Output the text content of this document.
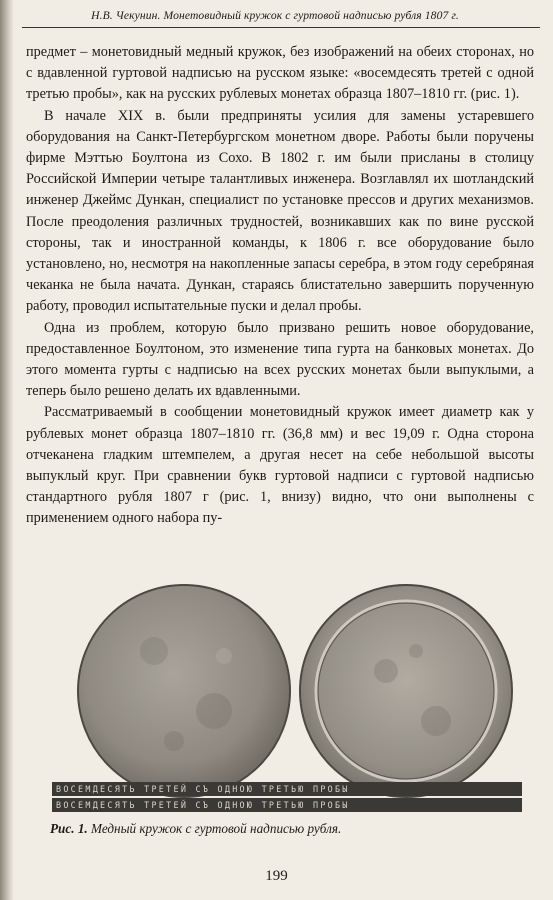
Н.В. Чекунин. Монетовидный кружок с гуртовой надписью рубля 1807 г.

предмет – монетовидный медный кружок, без изображений на обеих сторонах, но с вдавленной гуртовой надписью на русском языке: «восемдесять третей с одной третью пробы», как на русских рублевых монетах образца 1807–1810 гг. (рис. 1).

В начале XIX в. были предприняты усилия для замены устаревшего оборудования на Санкт-Петербургском монетном дворе. Работы были поручены фирме Мэттью Боултона из Сохо. В 1802 г. им были присланы в столицу Российской Империи четыре талантливых инженера. Возглавлял их шотландский инженер Джеймс Дункан, специалист по установке прессов и других механизмов. После преодоления различных трудностей, возникавших как по вине русской стороны, так и иностранной команды, к 1806 г. все оборудование было установлено, но, несмотря на накопленные запасы серебра, в этом году серебряная чеканка не была начата. Дункан, стараясь блистательно завершить порученную работу, проводил испытательные пуски и делал пробы.

Одна из проблем, которую было призвано решить новое оборудование, предоставленное Боултоном, это изменение типа гурта на банковых монетах. До этого момента гурты с надписью на всех русских монетах были выпуклыми, а теперь было решено делать их вдавленными.

Рассматриваемый в сообщении монетовидный кружок имеет диаметр как у рублевых монет образца 1807–1810 гг. (36,8 мм) и вес 19,09 г. Одна сторона отчеканена гладким штемпелем, а другая несет на себе небольшой высоты выпуклый круг. При сравнении букв гуртовой надписи с гуртовой надписью стандартного рубля 1807 г (рис. 1, внизу) видно, что они выполнены с применением одного набора пу-

ВОСЕМДЕСЯТЬ ТРЕТЕЙ СЪ ОДНОЮ ТРЕТЬЮ ПРОБЫ
ВОСЕМДЕСЯТЬ ТРЕТЕЙ СЪ ОДНОЮ ТРЕТЬЮ ПРОБЫ
Рис. 1. Медный кружок с гуртовой надписью рубля.
199
